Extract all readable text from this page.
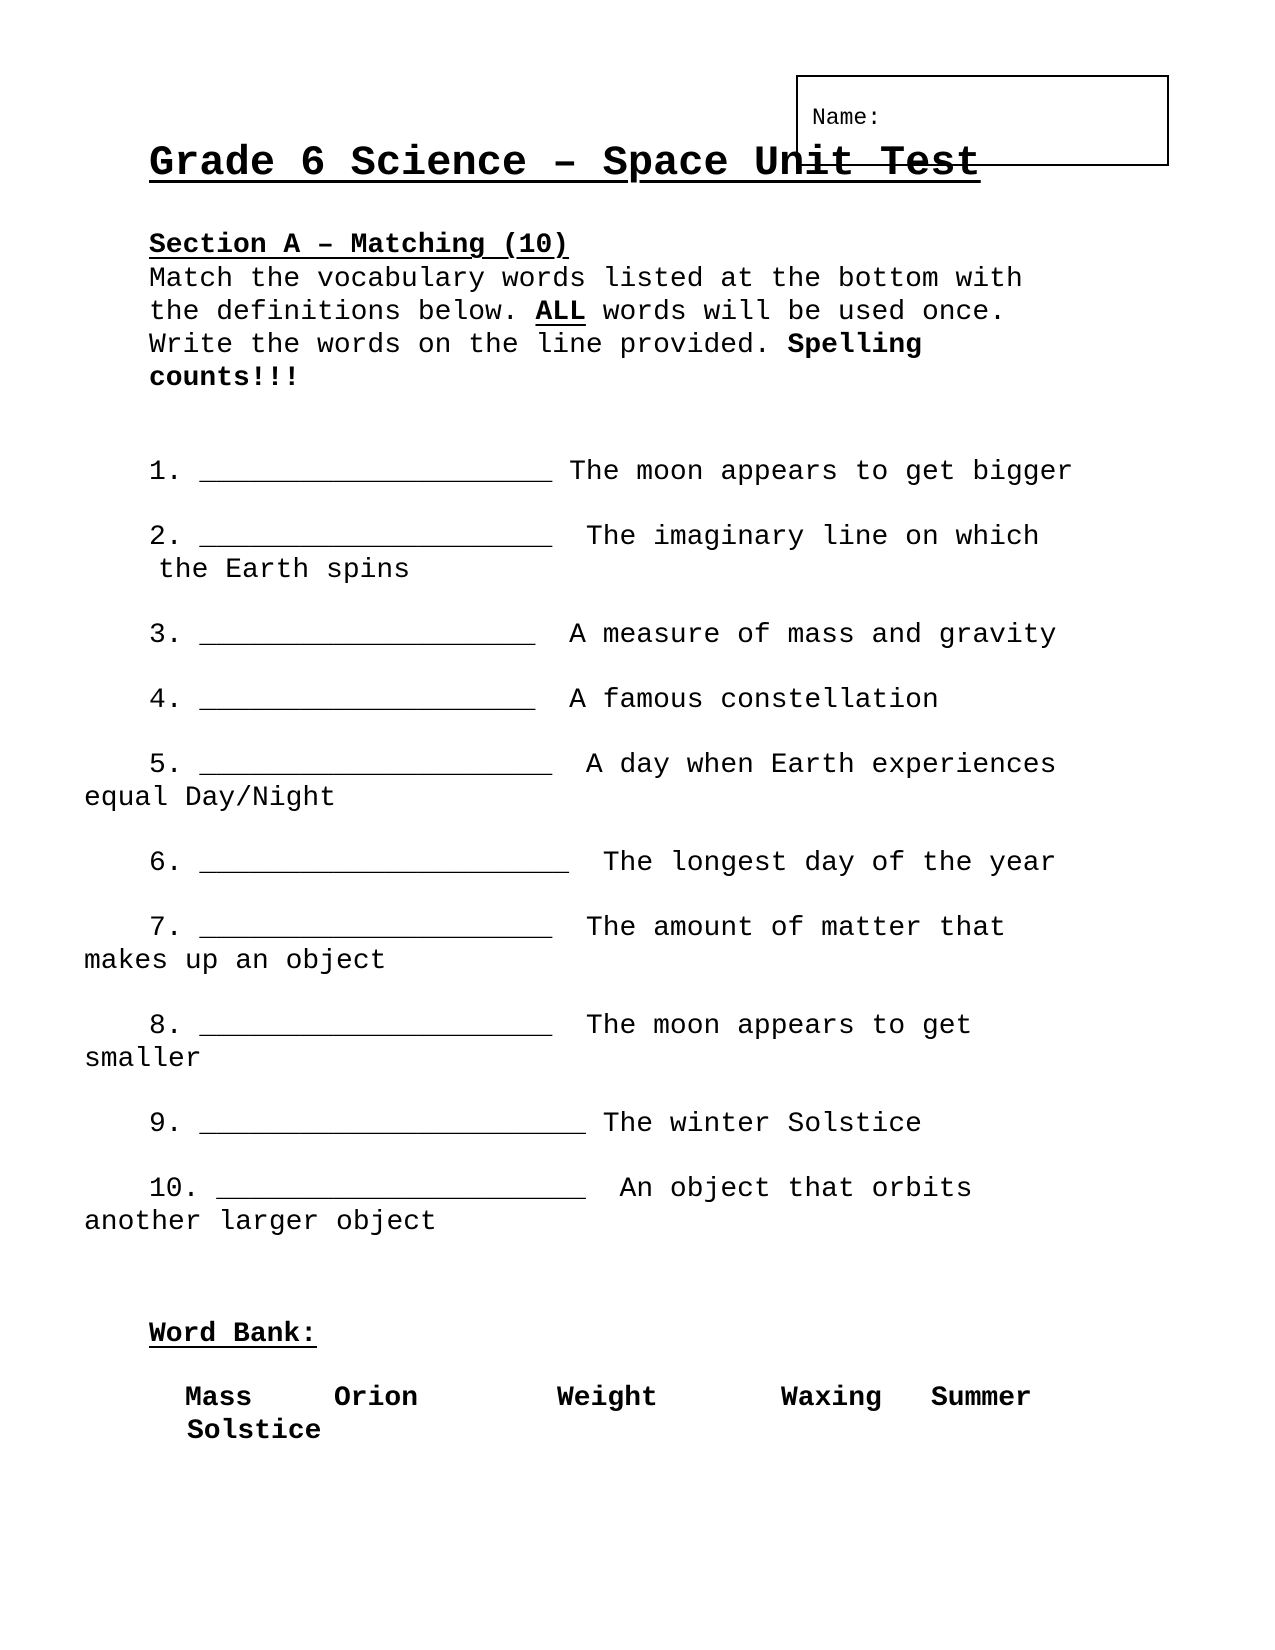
Name:
Grade 6 Science – Space Unit Test
Section A – Matching (10)
Match the vocabulary words listed at the bottom with
the definitions below. ALL words will be used once.
Write the words on the line provided. Spelling
counts!!!
1. _____________________ The moon appears to get bigger
2. _____________________  The imaginary line on which
the Earth spins
3. ____________________  A measure of mass and gravity
4. ____________________  A famous constellation
5. _____________________  A day when Earth experiences
equal Day/Night
6. ______________________  The longest day of the year
7. _____________________  The amount of matter that
makes up an object
8. _____________________  The moon appears to get
smaller
9. _______________________ The winter Solstice
10. ______________________  An object that orbits
another larger object
Word Bank:
Mass	Orion	Weight	Waxing Summer
Solstice
